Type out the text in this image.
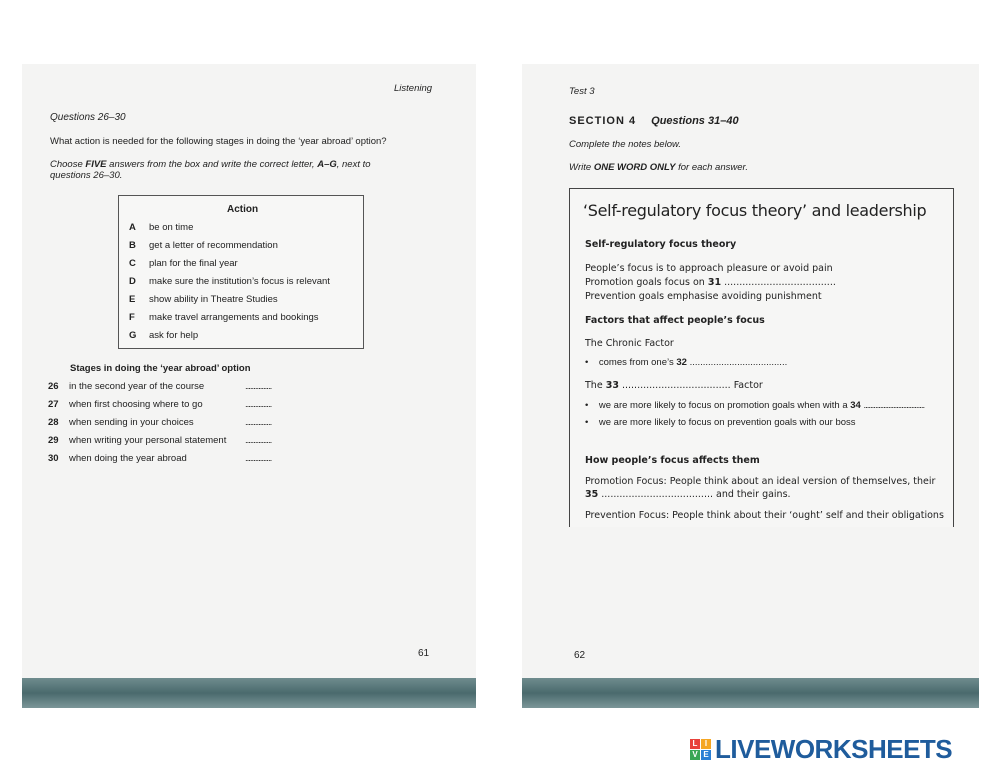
Listening
Questions 26–30
What action is needed for the following stages in doing the ‘year abroad’ option?
Choose FIVE answers from the box and write the correct letter, A–G, next to
questions 26–30.
Action
A be on time
B get a letter of recommendation
C plan for the final year
D make sure the institution’s focus is relevant
E show ability in Theatre Studies
F make travel arrangements and bookings
G ask for help
Stages in doing the ‘year abroad’ option
26 in the second year of the course	................
27 when first choosing where to go	................
28 when sending in your choices	................
29 when writing your personal statement ................
30 when doing the year abroad	................
61
Test 3
SECTION 4 Questions 31–40
Complete the notes below.
Write ONE WORD ONLY for each answer.
‘Self-regulatory focus theory’ and leadership
Self-regulatory focus theory
People’s focus is to approach pleasure or avoid pain
Promotion goals focus on 31 .....................................
Prevention goals emphasise avoiding punishment
Factors that affect people’s focus
The Chronic Factor
•    comes from one’s 32 .....................................
The 33 .................................... Factor
•    we are more likely to focus on promotion goals when with a 34 .....................................
•    we are more likely to focus on prevention goals with our boss
How people’s focus affects them
Promotion Focus: People think about an ideal version of themselves, their
35 ..................................... and their gains.
Prevention Focus: People think about their ‘ought’ self and their obligations
62
L I
V E LIVEWORKSHEETS
